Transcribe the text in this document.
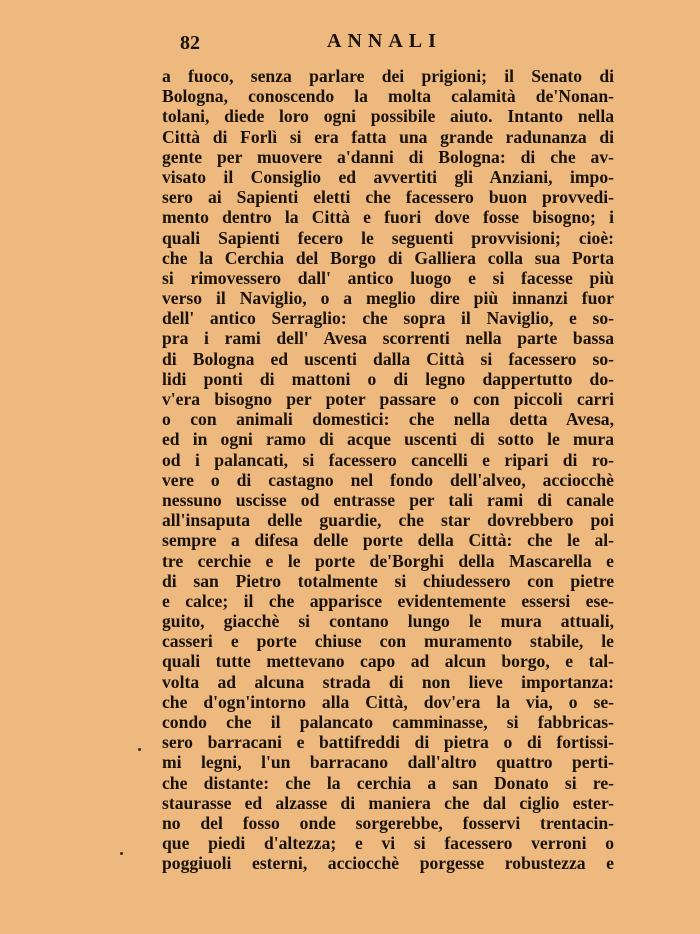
82	ANNALI
a fuoco, senza parlare dei prigioni; il Senato di
Bologna, conoscendo la molta calamità de'Nonan-
tolani, diede loro ogni possibile aiuto. Intanto nella
Città di Forlì si era fatta una grande radunanza di
gente per muovere a'danni di Bologna: di che av-
visato il Consiglio ed avvertiti gli Anziani, impo-
sero ai Sapienti eletti che facessero buon provvedi-
mento dentro la Città e fuori dove fosse bisogno; i
quali Sapienti fecero le seguenti provvisioni; cioè:
che la Cerchia del Borgo di Galliera colla sua Porta
si rimovessero dall' antico luogo e si facesse più
verso il Naviglio, o a meglio dire più innanzi fuor
dell' antico Serraglio: che sopra il Naviglio, e so-
pra i rami dell' Avesa scorrenti nella parte bassa
di Bologna ed uscenti dalla Città si facessero so-
lidi ponti di mattoni o di legno dappertutto do-
v'era bisogno per poter passare o con piccoli carri
o con animali domestici: che nella detta Avesa,
ed in ogni ramo di acque uscenti di sotto le mura
od i palancati, si facessero cancelli e ripari di ro-
vere o di castagno nel fondo dell'alveo, acciocchè
nessuno uscisse od entrasse per tali rami di canale
all'insaputa delle guardie, che star dovrebbero poi
sempre a difesa delle porte della Città: che le al-
tre cerchie e le porte de'Borghi della Mascarella e
di san Pietro totalmente si chiudessero con pietre
e calce; il che apparisce evidentemente essersi ese-
guito, giacchè si contano lungo le mura attuali,
casseri e porte chiuse con muramento stabile, le
quali tutte mettevano capo ad alcun borgo, e tal-
volta ad alcuna strada di non lieve importanza:
che d'ogn'intorno alla Città, dov'era la via, o se-
condo che il palancato camminasse, si fabbricas-
sero barracani e battifreddi di pietra o di fortissi-
mi legni, l'un barracano dall'altro quattro perti-
che distante: che la cerchia a san Donato si re-
staurasse ed alzasse di maniera che dal ciglio ester-
no del fosso onde sorgerebbe, fosservi trentacin-
que piedi d'altezza; e vi si facessero verroni o
poggiuoli esterni, acciocchè porgesse robustezza e
